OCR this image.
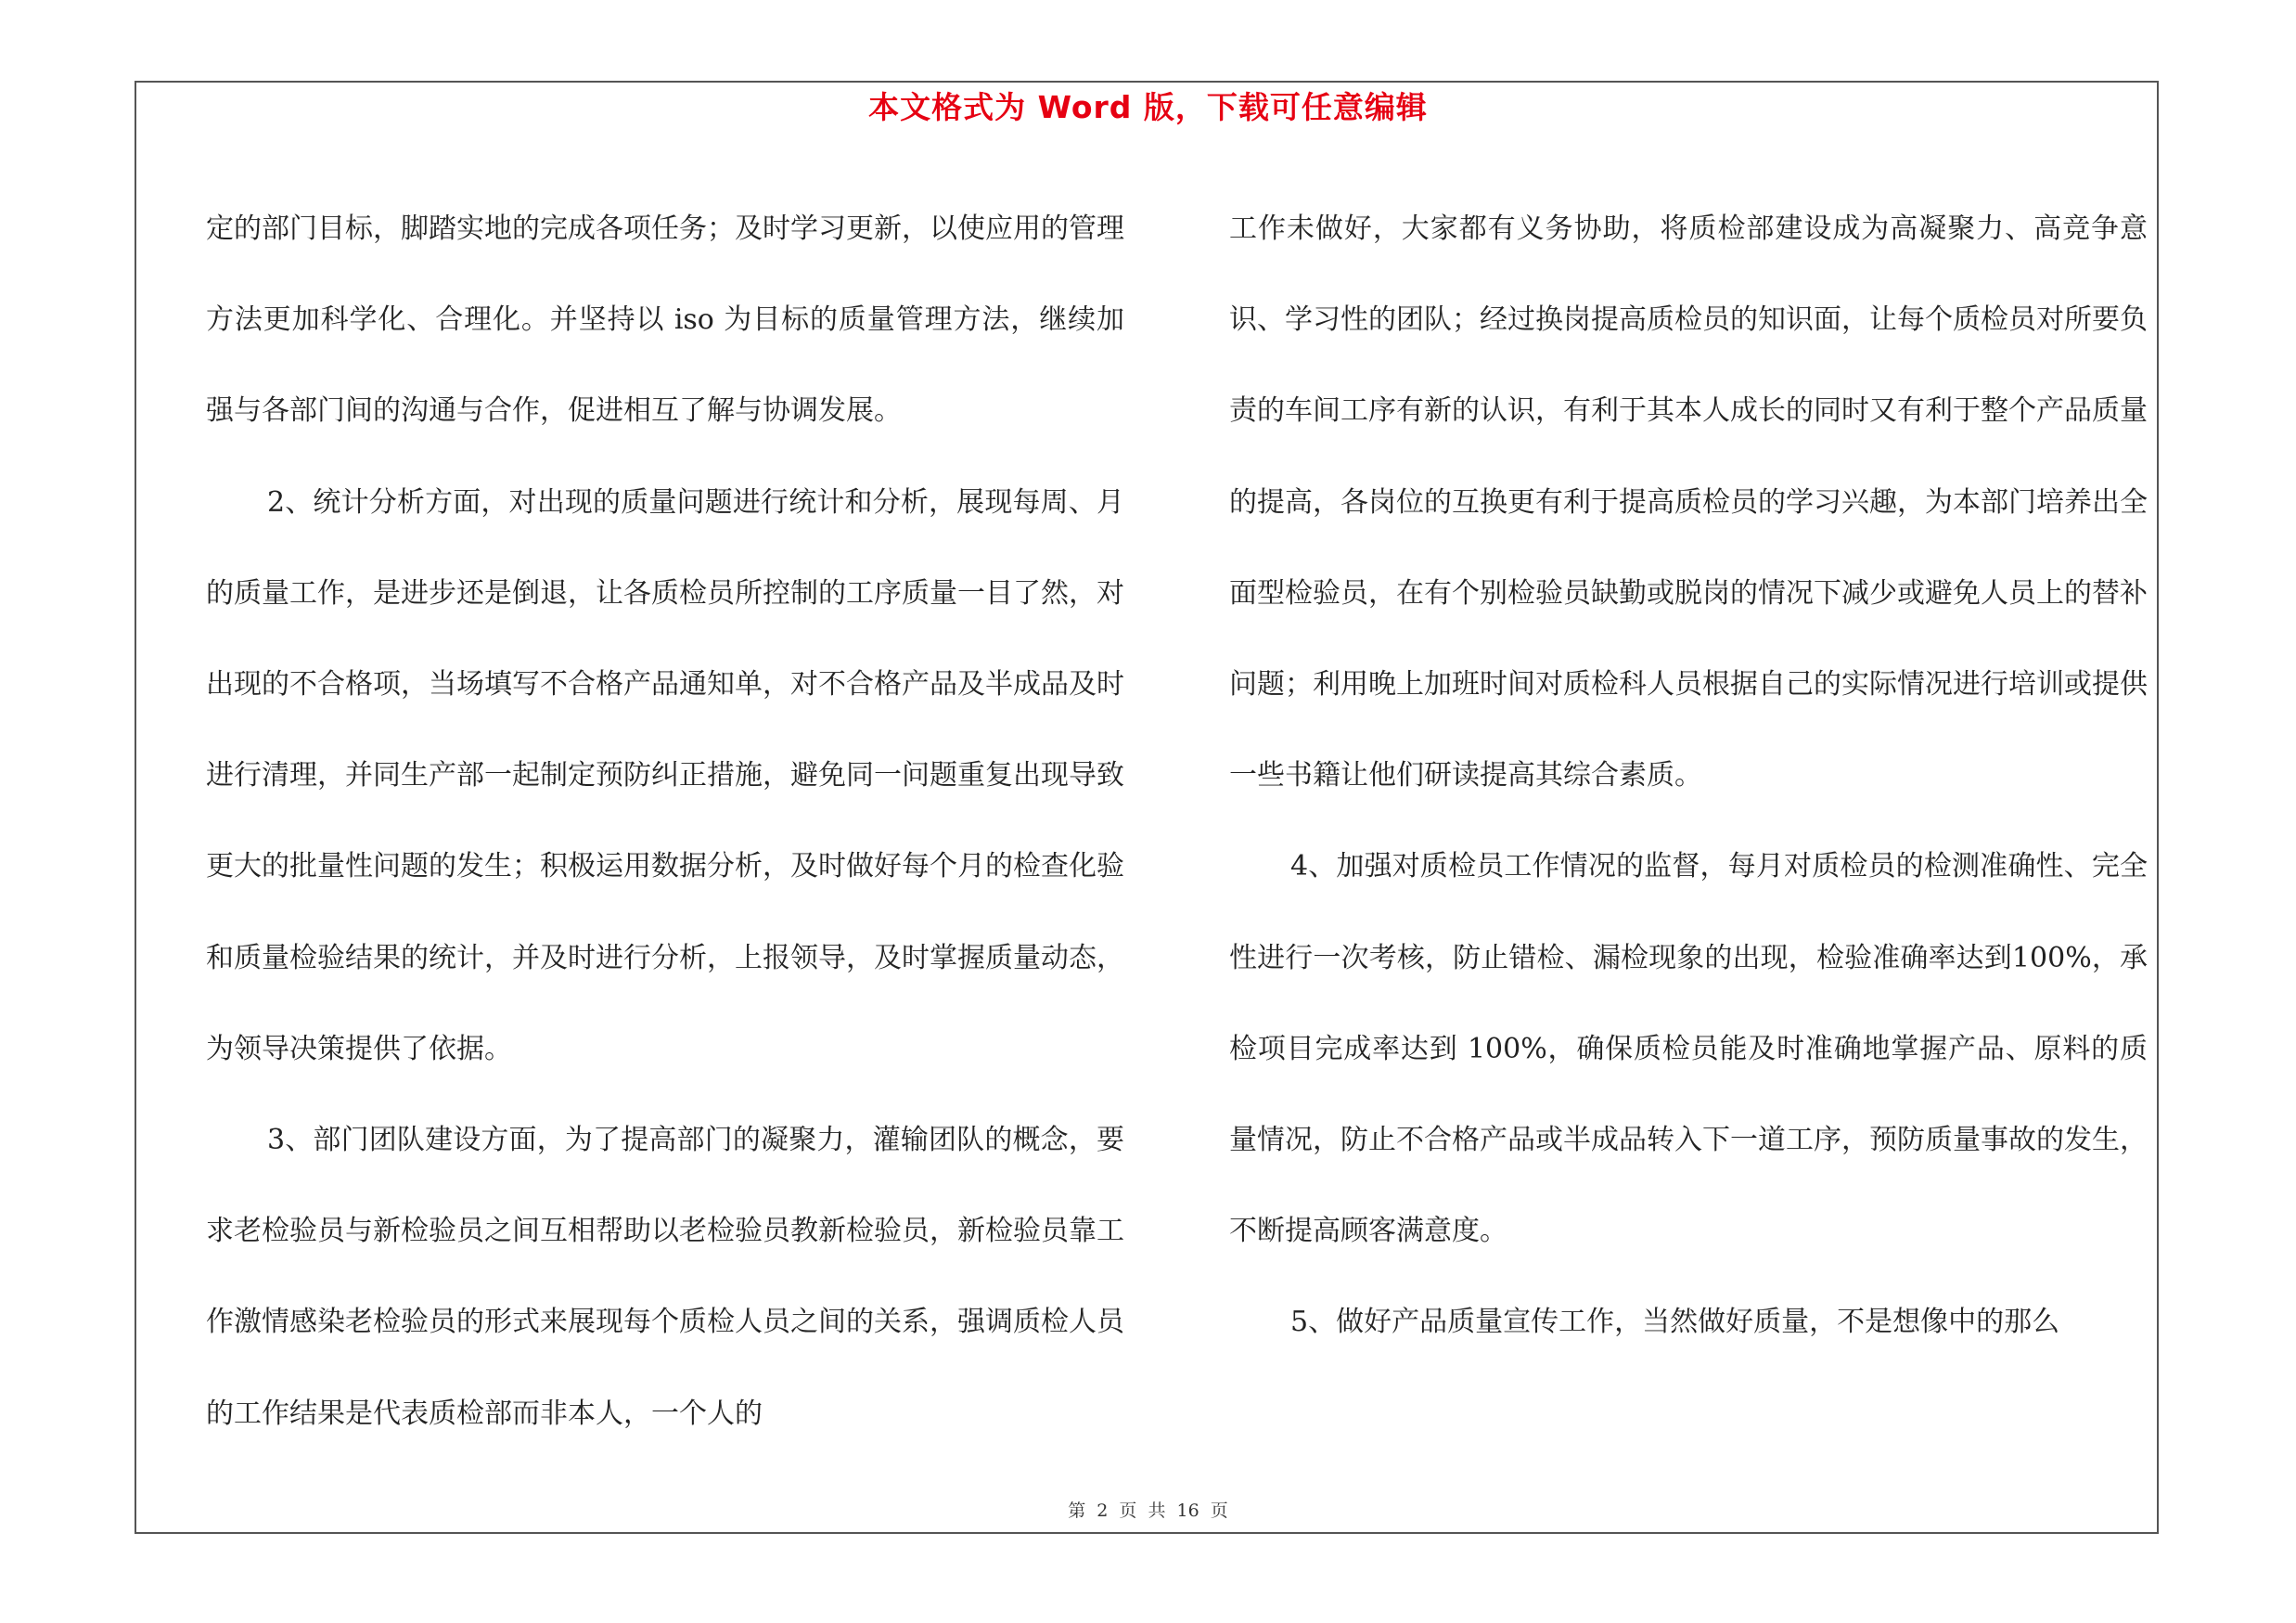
本文格式为 Word 版，下载可任意编辑

定的部门目标，脚踏实地的完成各项任务；及时学习更新，以使应用的管理方法更加科学化、合理化。并坚持以 iso 为目标的质量管理方法，继续加强与各部门间的沟通与合作，促进相互了解与协调发展。

2、统计分析方面，对出现的质量问题进行统计和分析，展现每周、月的质量工作，是进步还是倒退，让各质检员所控制的工序质量一目了然，对出现的不合格项，当场填写不合格产品通知单，对不合格产品及半成品及时进行清理，并同生产部一起制定预防纠正措施，避免同一问题重复出现导致更大的批量性问题的发生；积极运用数据分析，及时做好每个月的检查化验和质量检验结果的统计，并及时进行分析，上报领导，及时掌握质量动态，为领导决策提供了依据。

3、部门团队建设方面，为了提高部门的凝聚力，灌输团队的概念，要求老检验员与新检验员之间互相帮助以老检验员教新检验员，新检验员靠工作激情感染老检验员的形式来展现每个质检人员之间的关系，强调质检人员的工作结果是代表质检部而非本人，一个人的

工作未做好，大家都有义务协助，将质检部建设成为高凝聚力、高竞争意识、学习性的团队；经过换岗提高质检员的知识面，让每个质检员对所要负责的车间工序有新的认识，有利于其本人成长的同时又有利于整个产品质量的提高，各岗位的互换更有利于提高质检员的学习兴趣，为本部门培养出全面型检验员，在有个别检验员缺勤或脱岗的情况下减少或避免人员上的替补问题；利用晚上加班时间对质检科人员根据自己的实际情况进行培训或提供一些书籍让他们研读提高其综合素质。

4、加强对质检员工作情况的监督，每月对质检员的检测准确性、完全性进行一次考核，防止错检、漏检现象的出现，检验准确率达到100%，承检项目完成率达到 100%，确保质检员能及时准确地掌握产品、原料的质量情况，防止不合格产品或半成品转入下一道工序，预防质量事故的发生，不断提高顾客满意度。

5、做好产品质量宣传工作，当然做好质量，不是想像中的那么

第 2 页 共 16 页
